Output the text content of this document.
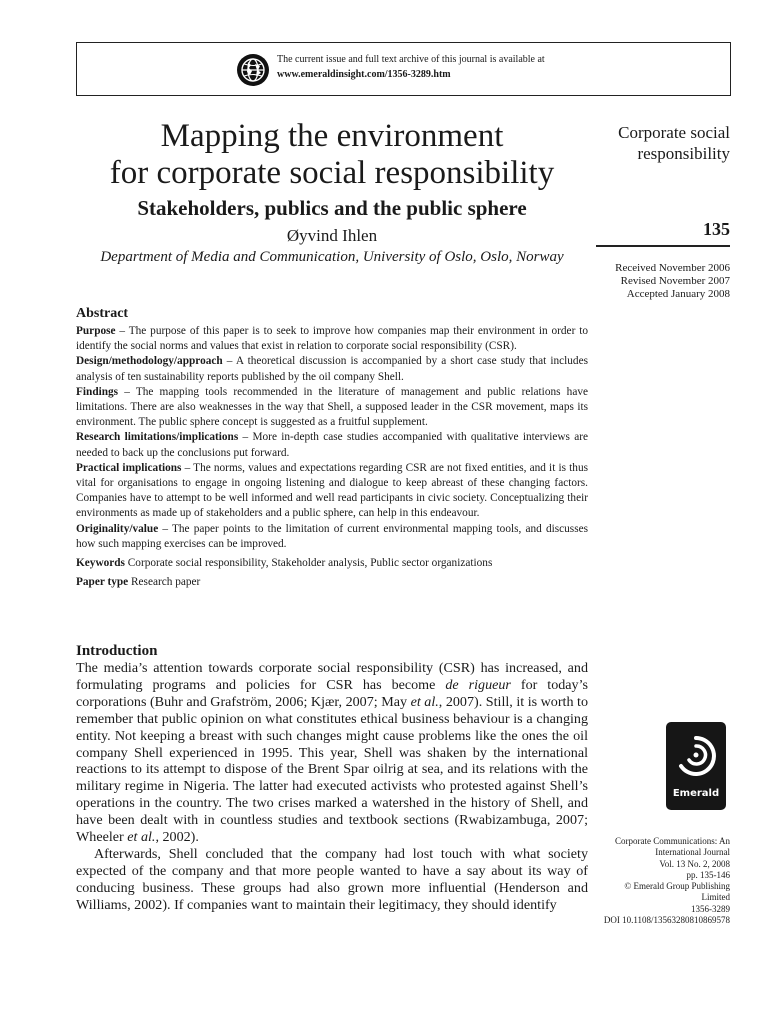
The current issue and full text archive of this journal is available at
www.emeraldinsight.com/1356-3289.htm
Mapping the environment
for corporate social responsibility
Stakeholders, publics and the public sphere
Øyvind Ihlen
Department of Media and Communication, University of Oslo, Oslo, Norway
Corporate social
responsibility
135
Received November 2006
Revised November 2007
Accepted January 2008
Abstract

Purpose – The purpose of this paper is to seek to improve how companies map their environment in order to identify the social norms and values that exist in relation to corporate social responsibility (CSR).

Design/methodology/approach – A theoretical discussion is accompanied by a short case study that includes analysis of ten sustainability reports published by the oil company Shell.

Findings – The mapping tools recommended in the literature of management and public relations have limitations. There are also weaknesses in the way that Shell, a supposed leader in the CSR movement, maps its environment. The public sphere concept is suggested as a fruitful supplement.

Research limitations/implications – More in-depth case studies accompanied with qualitative interviews are needed to back up the conclusions put forward.

Practical implications – The norms, values and expectations regarding CSR are not fixed entities, and it is thus vital for organisations to engage in ongoing listening and dialogue to keep abreast of these changing factors. Companies have to attempt to be well informed and well read participants in civic society. Conceptualizing their environments as made up of stakeholders and a public sphere, can help in this endeavour.

Originality/value – The paper points to the limitation of current environmental mapping tools, and discusses how such mapping exercises can be improved.

Keywords Corporate social responsibility, Stakeholder analysis, Public sector organizations

Paper type Research paper

Introduction

The media’s attention towards corporate social responsibility (CSR) has increased, and formulating programs and policies for CSR has become de rigueur for today’s corporations (Buhr and Grafström, 2006; Kjær, 2007; May et al., 2007). Still, it is worth to remember that public opinion on what constitutes ethical business behaviour is a changing entity. Not keeping a breast with such changes might cause problems like the ones the oil company Shell experienced in 1995. This year, Shell was shaken by the international reactions to its attempt to dispose of the Brent Spar oilrig at sea, and its relations with the military regime in Nigeria. The latter had executed activists who protested against Shell’s operations in the country. The two crises marked a watershed in the history of Shell, and have been dealt with in countless studies and textbook sections (Rwabizambuga, 2007; Wheeler et al., 2002).

Afterwards, Shell concluded that the company had lost touch with what society expected of the company and that more people wanted to have a say about its way of conducing business. These groups had also grown more influential (Henderson and Williams, 2002). If companies want to maintain their legitimacy, they should identify

Emerald
Corporate Communications: An
International Journal
Vol. 13 No. 2, 2008
pp. 135-146
© Emerald Group Publishing Limited
1356-3289
DOI 10.1108/13563280810869578
